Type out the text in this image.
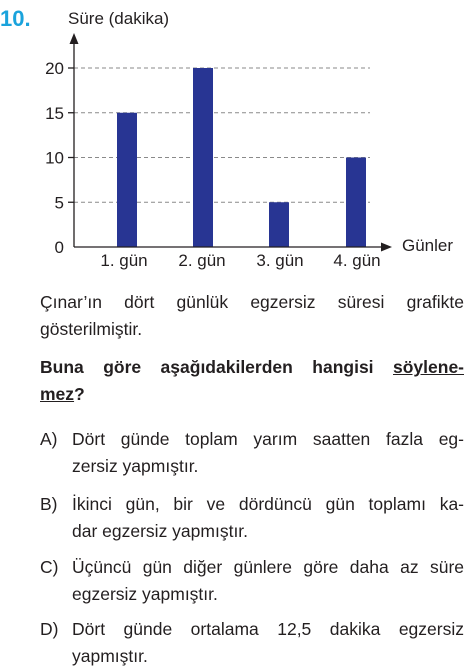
10.
0
5
10
15
20
1. gün 2. gün 3. gün 4. gün
Süre (dakika)
Günler
Çınar’ın dört günlük egzersiz süresi grafikte
gösterilmiştir.
Buna göre aşağıdakilerden hangisi söylene-
mez?
A) Dört günde toplam yarım saatten fazla eg-
zersiz yapmıştır.
B) İkinci gün, bir ve dördüncü gün toplamı ka-
dar egzersiz yapmıştır.
C) Üçüncü gün diğer günlere göre daha az süre
egzersiz yapmıştır.
D) Dört günde ortalama 12,5 dakika egzersiz
yapmıştır.
